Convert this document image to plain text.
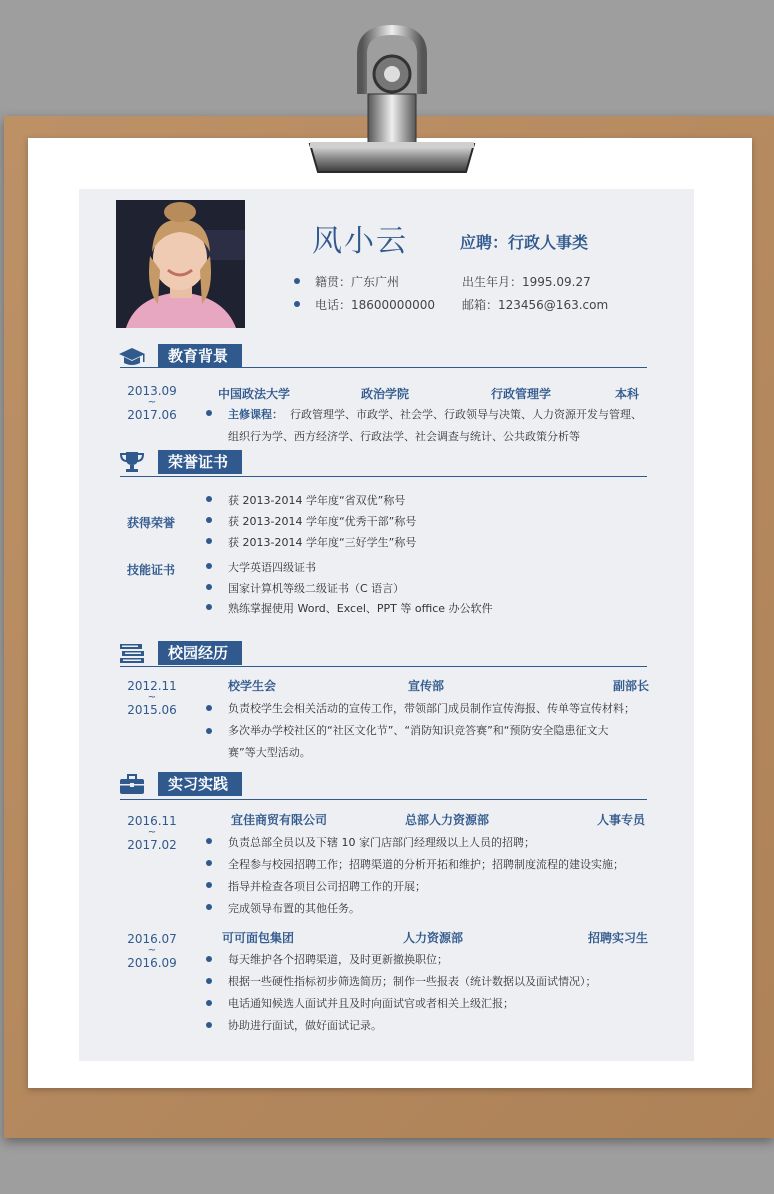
风小云	应聘：行政人事类
籍贯：广东广州	出生年月：1995.09.27
电话：18600000000 邮箱：123456@163.com
教育背景
2013.09
~
2017.06
中国政法大学	政治学院	行政管理学	本科
主修课程： 行政管理学、市政学、社会学、行政领导与决策、人力资源开发与管理、
组织行为学、西方经济学、行政法学、社会调查与统计、公共政策分析等
荣誉证书
获得荣誉
获 2013-2014 学年度“省双优”称号
获 2013-2014 学年度“优秀干部”称号
获 2013-2014 学年度“三好学生”称号
技能证书	大学英语四级证书
国家计算机等级二级证书（C 语言）
熟练掌握使用 Word、Excel、PPT 等 office 办公软件
校园经历
2012.11
~
2015.06
校学生会	宣传部	副部长
负责校学生会相关活动的宣传工作，带领部门成员制作宣传海报、传单等宣传材料；
多次举办学校社区的“社区文化节”、“消防知识竞答赛”和“预防安全隐患征文大
赛”等大型活动。
实习实践
2016.11
~
2017.02
宜佳商贸有限公司	总部人力资源部	人事专员
负责总部全员以及下辖 10 家门店部门经理级以上人员的招聘；
全程参与校园招聘工作；招聘渠道的分析开拓和维护；招聘制度流程的建设实施；
指导并检查各项目公司招聘工作的开展；
完成领导布置的其他任务。
2016.07
~
2016.09
可可面包集团	人力资源部	招聘实习生
每天维护各个招聘渠道，及时更新撤换职位；
根据一些硬性指标初步筛选简历；制作一些报表（统计数据以及面试情况）；
电话通知候选人面试并且及时向面试官或者相关上级汇报；
协助进行面试，做好面试记录。
